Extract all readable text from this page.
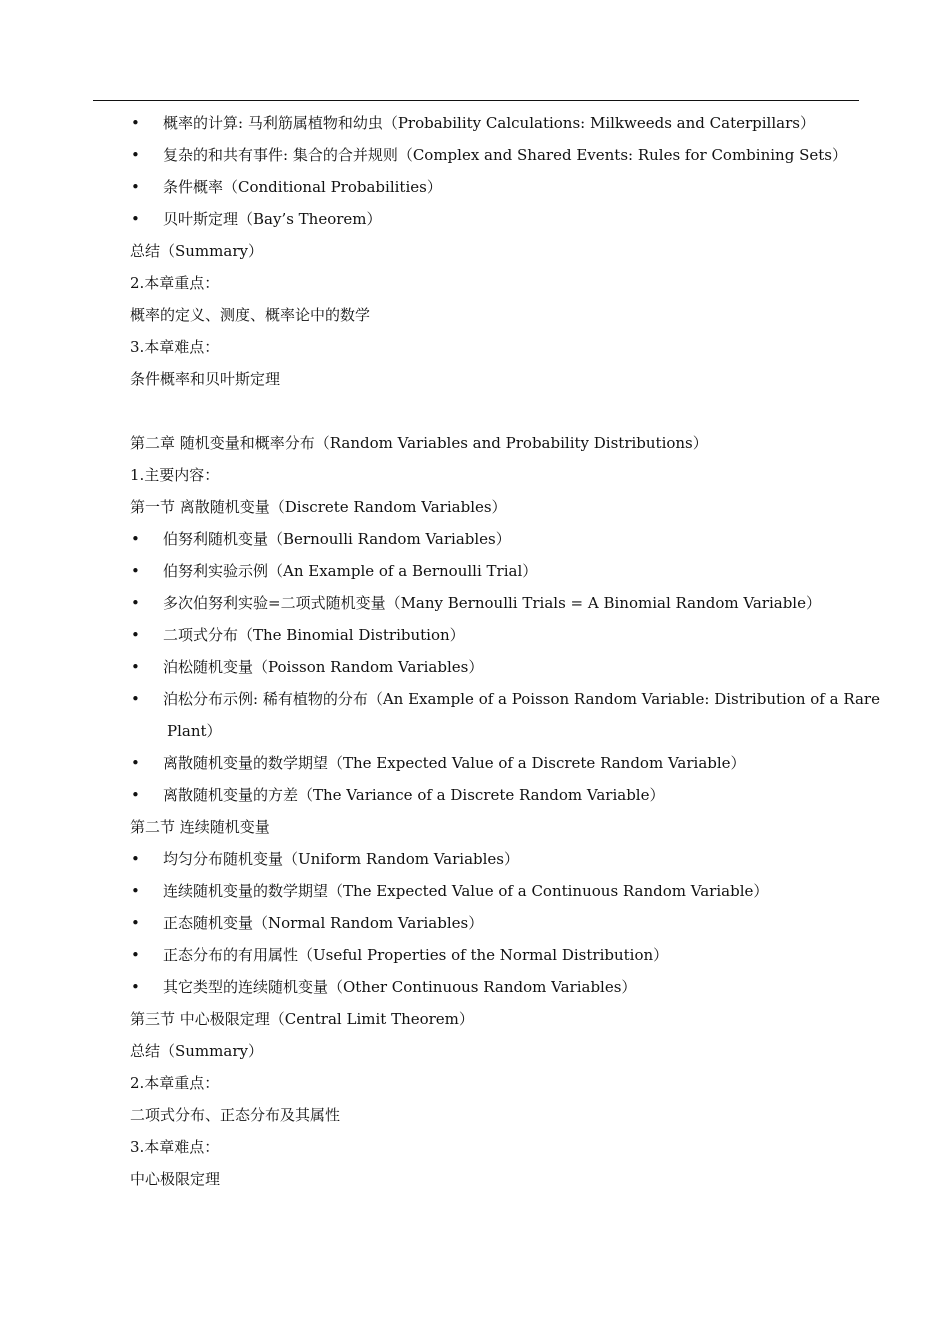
• 概率的计算: 马利筋属植物和幼虫（Probability Calculations: Milkweeds and Caterpillars）
• 复杂的和共有事件: 集合的合并规则（Complex and Shared Events: Rules for Combining Sets）
• 条件概率（Conditional Probabilities）
• 贝叶斯定理（Bay’s Theorem）
总结（Summary）
2.本章重点：
概率的定义、测度、概率论中的数学
3.本章难点：
条件概率和贝叶斯定理
第二章 随机变量和概率分布（Random Variables and Probability Distributions）
1.主要内容：
第一节 离散随机变量（Discrete Random Variables）
• 伯努利随机变量（Bernoulli Random Variables）
• 伯努利实验示例（An Example of a Bernoulli Trial）
• 多次伯努利实验=二项式随机变量（Many Bernoulli Trials = A Binomial Random Variable）
• 二项式分布（The Binomial Distribution）
• 泊松随机变量（Poisson Random Variables）
• 泊松分布示例: 稀有植物的分布（An Example of a Poisson Random Variable: Distribution of a Rare
Plant）
• 离散随机变量的数学期望（The Expected Value of a Discrete Random Variable）
• 离散随机变量的方差（The Variance of a Discrete Random Variable）
第二节 连续随机变量
• 均匀分布随机变量（Uniform Random Variables）
• 连续随机变量的数学期望（The Expected Value of a Continuous Random Variable）
• 正态随机变量（Normal Random Variables）
• 正态分布的有用属性（Useful Properties of the Normal Distribution）
• 其它类型的连续随机变量（Other Continuous Random Variables）
第三节 中心极限定理（Central Limit Theorem）
总结（Summary）
2.本章重点：
二项式分布、正态分布及其属性
3.本章难点：
中心极限定理
